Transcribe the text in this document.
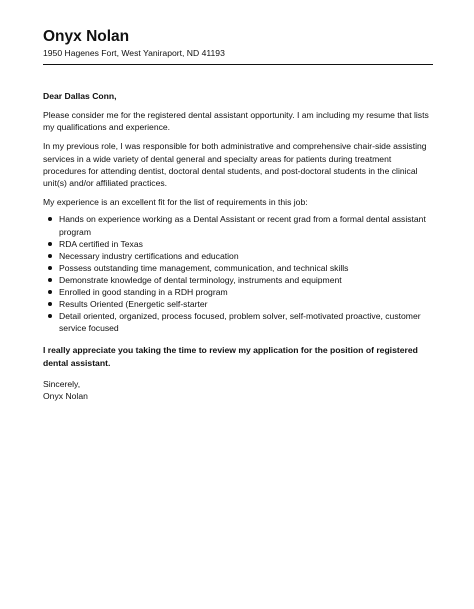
Onyx Nolan
1950 Hagenes Fort, West Yaniraport, ND 41193
Dear Dallas Conn,

Please consider me for the registered dental assistant opportunity. I am including my resume that lists my qualifications and experience.

In my previous role, I was responsible for both administrative and comprehensive chair-side assisting services in a wide variety of dental general and specialty areas for patients during treatment procedures for attending dentist, doctoral dental students, and post-doctoral students in the clinical unit(s) and/or affiliated practices.

My experience is an excellent fit for the list of requirements in this job:

Hands on experience working as a Dental Assistant or recent grad from a formal dental assistant program
RDA certified in Texas
Necessary industry certifications and education
Possess outstanding time management, communication, and technical skills
Demonstrate knowledge of dental terminology, instruments and equipment
Enrolled in good standing in a RDH program
Results Oriented (Energetic self-starter
Detail oriented, organized, process focused, problem solver, self-motivated proactive, customer service focused

I really appreciate you taking the time to review my application for the position of registered dental assistant.

Sincerely,

Onyx Nolan
